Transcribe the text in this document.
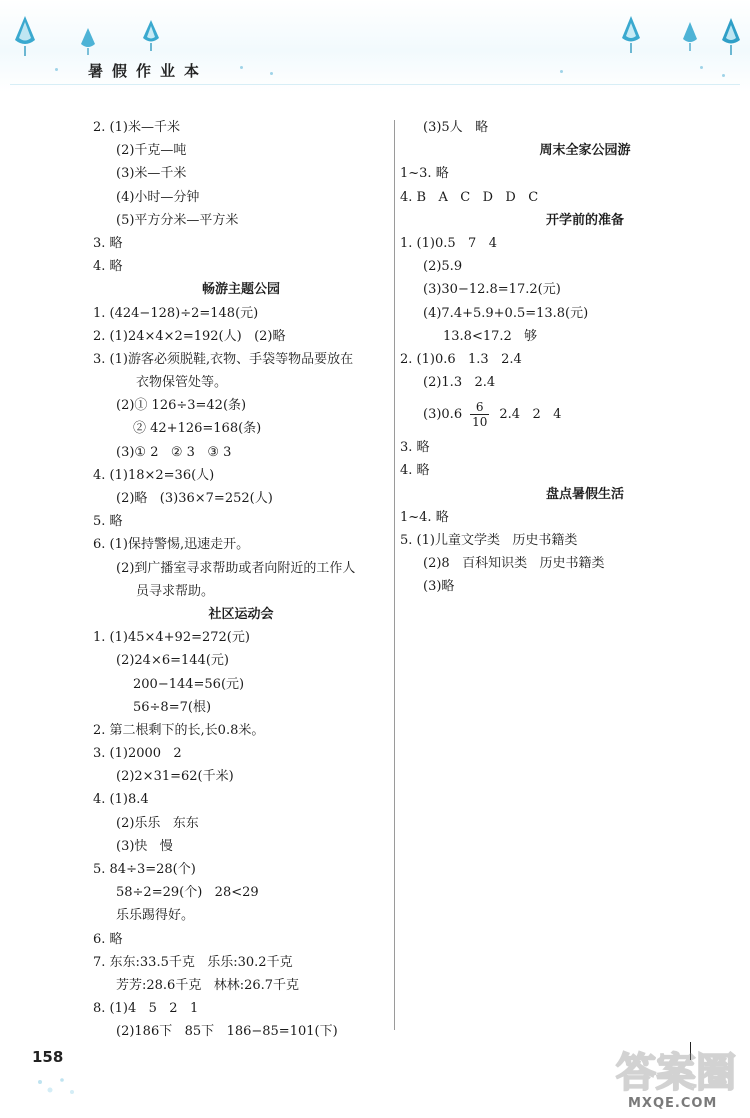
暑假作业本
2. (1)米—千米
(2)千克—吨
(3)米—千米
(4)小时—分钟
(5)平方分米—平方米
3. 略
4. 略
畅游主题公园
1. (424−128)÷2=148(元)
2. (1)24×4×2=192(人)   (2)略
3. (1)游客必须脱鞋,衣物、手袋等物品要放在
衣物保管处等。
(2)① 126÷3=42(条)
② 42+126=168(条)
(3)① 2   ② 3   ③ 3
4. (1)18×2=36(人)
(2)略   (3)36×7=252(人)
5. 略
6. (1)保持警惕,迅速走开。
(2)到广播室寻求帮助或者向附近的工作人
员寻求帮助。
社区运动会
1. (1)45×4+92=272(元)
(2)24×6=144(元)
200−144=56(元)
56÷8=7(根)
2. 第二根剩下的长,长0.8米。
3. (1)2000   2
(2)2×31=62(千米)
4. (1)8.4
(2)乐乐   东东
(3)快   慢
5. 84÷3=28(个)
58÷2=29(个)   28<29
乐乐踢得好。
6. 略
7. 东东:33.5千克   乐乐:30.2千克
芳芳:28.6千克   林林:26.7千克
8. (1)4   5   2   1
(2)186下   85下   186−85=101(下)
(3)5人   略
周末全家公园游
1~3. 略
4. B   A   C   D   D   C
开学前的准备
1. (1)0.5   7   4
(2)5.9
(3)30−12.8=17.2(元)
(4)7.4+5.9+0.5=13.8(元)
13.8<17.2   够
2. (1)0.6   1.3   2.4
(2)1.3   2.4
$(3)0.6 \frac{6}{10} 2.4$   2   4
3. 略
4. 略
盘点暑假生活
1~4. 略
5. (1)儿童文学类   历史书籍类
(2)8   百科知识类   历史书籍类
(3)略
158	答案圈
MXQE.COM
